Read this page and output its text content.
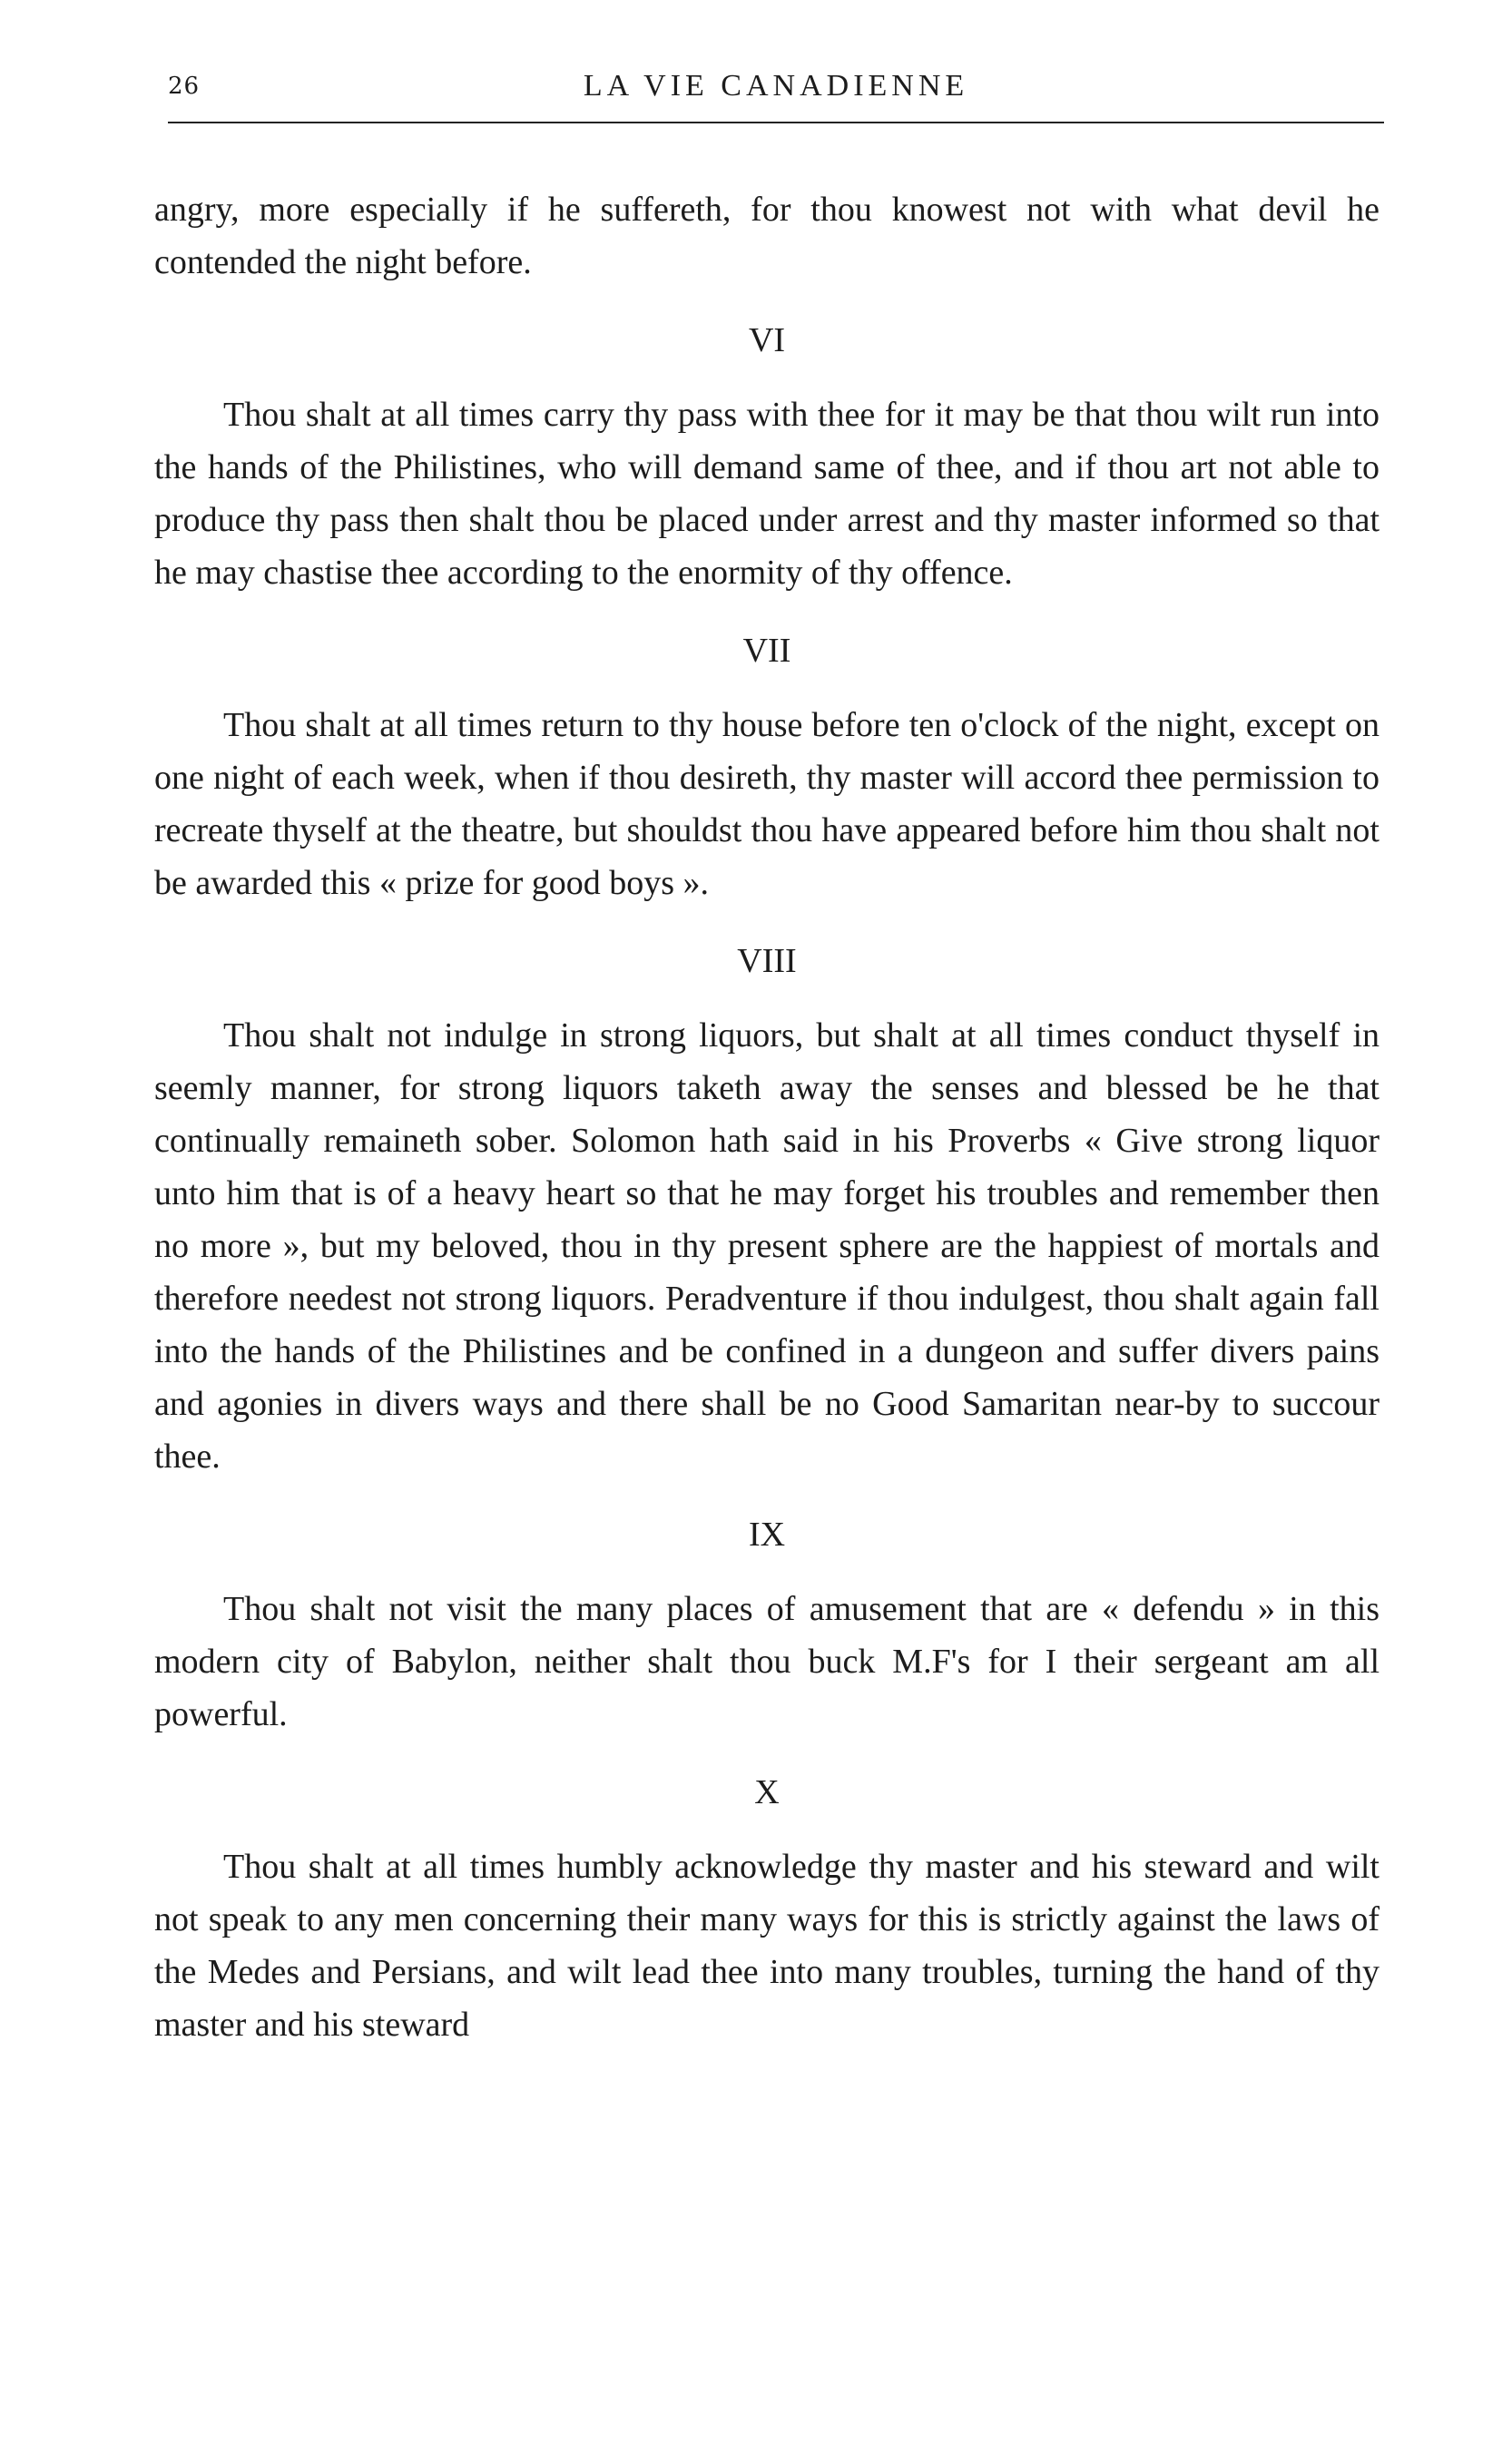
26	LA VIE CANADIENNE

angry, more especially if he suffereth, for thou knowest not with what devil he contended the night before.

VI

Thou shalt at all times carry thy pass with thee for it may be that thou wilt run into the hands of the Philistines, who will demand same of thee, and if thou art not able to produce thy pass then shalt thou be placed under arrest and thy master informed so that he may chastise thee according to the enormity of thy offence.

VII

Thou shalt at all times return to thy house before ten o'clock of the night, except on one night of each week, when if thou desireth, thy master will accord thee permission to recreate thyself at the theatre, but shouldst thou have appeared before him thou shalt not be awarded this « prize for good boys ».

VIII

Thou shalt not indulge in strong liquors, but shalt at all times conduct thyself in seemly manner, for strong liquors taketh away the senses and blessed be he that continually remaineth sober. Solomon hath said in his Proverbs « Give strong liquor unto him that is of a heavy heart so that he may forget his troubles and remember then no more », but my beloved, thou in thy present sphere are the happiest of mortals and therefore needest not strong liquors. Peradventure if thou indulgest, thou shalt again fall into the hands of the Philistines and be confined in a dungeon and suffer divers pains and agonies in divers ways and there shall be no Good Samaritan near-by to succour thee.

IX

Thou shalt not visit the many places of amusement that are « defendu » in this modern city of Babylon, neither shalt thou buck M.F's for I their sergeant am all powerful.

X

Thou shalt at all times humbly acknowledge thy master and his steward and wilt not speak to any men concerning their many ways for this is strictly against the laws of the Medes and Persians, and wilt lead thee into many troubles, turning the hand of thy master and his steward
